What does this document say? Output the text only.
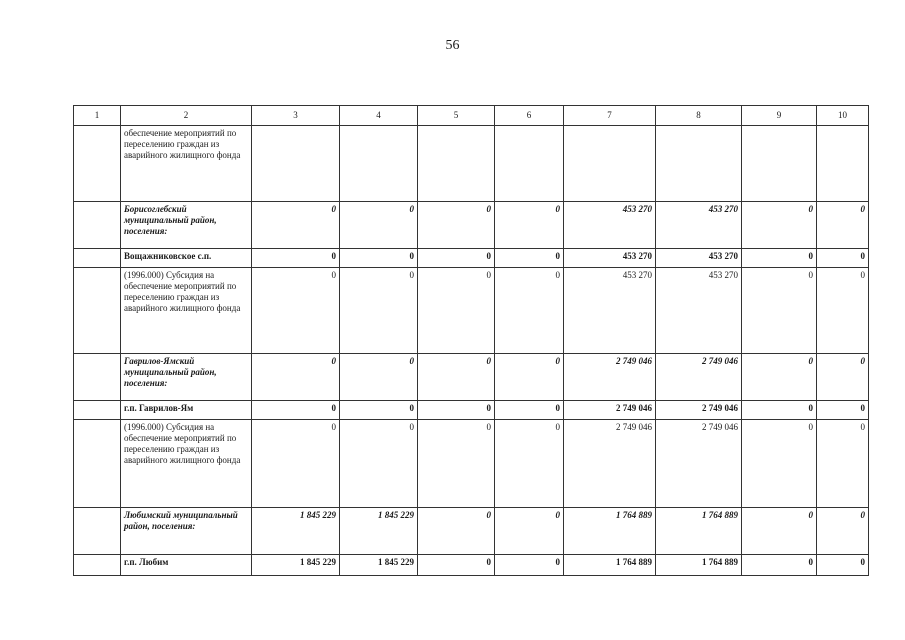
56
1	2	3	4	5	6	7	8	9	10
	обеспечение мероприятий по переселению граждан из аварийного жилищного фонда								
	Борисоглебский муниципальный район, поселения:	0	0	0	0	453 270	453 270	0	0
	Вощажниковское с.п.	0	0	0	0	453 270	453 270	0	0
	(1996.000) Субсидия на обеспечение мероприятий по переселению граждан из аварийного жилищного фонда	0	0	0	0	453 270	453 270	0	0
	Гаврилов-Ямский муниципальный район, поселения:	0	0	0	0	2 749 046	2 749 046	0	0
	г.п. Гаврилов-Ям	0	0	0	0	2 749 046	2 749 046	0	0
	(1996.000) Субсидия на обеспечение мероприятий по переселению граждан из аварийного жилищного фонда	0	0	0	0	2 749 046	2 749 046	0	0
	Любимский муниципальный район, поселения:	1 845 229	1 845 229	0	0	1 764 889	1 764 889	0	0
	г.п. Любим	1 845 229	1 845 229	0	0	1 764 889	1 764 889	0	0
